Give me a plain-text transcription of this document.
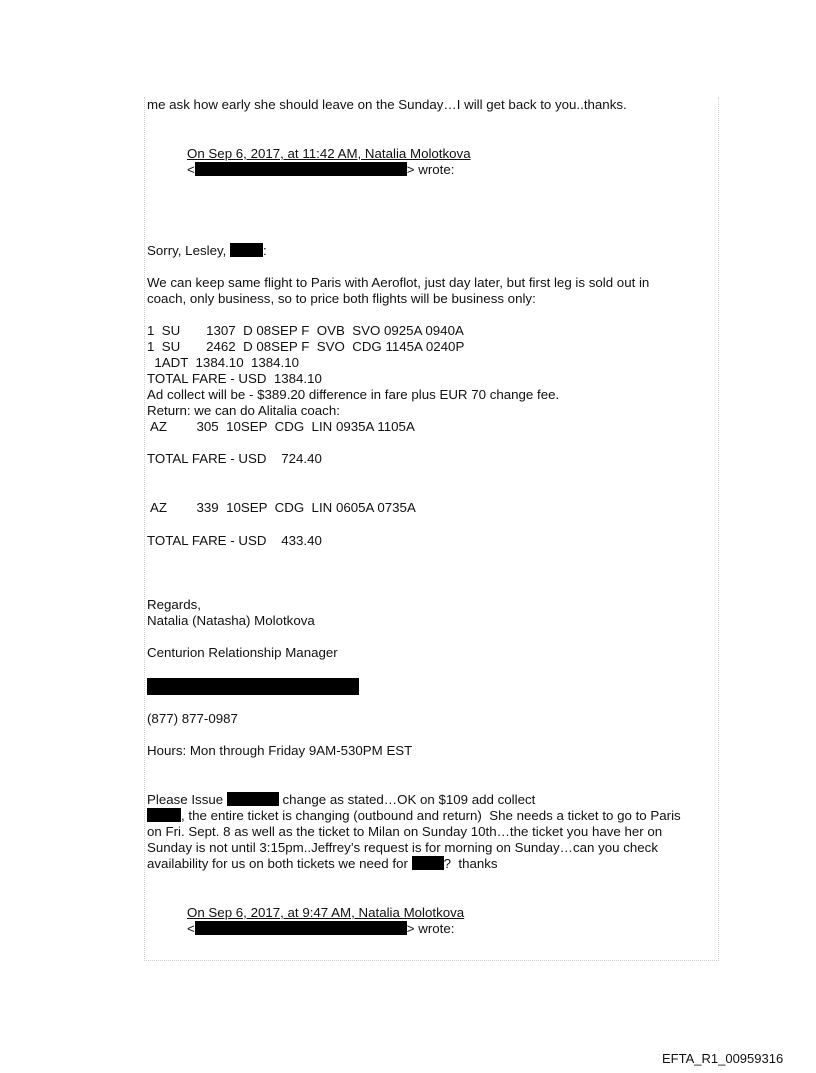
me ask how early she should leave on the Sunday…I will get back to you..thanks.
On Sep 6, 2017, at 11:42 AM, Natalia Molotkova
<	> wrote:
Sorry, Lesley, :
We can keep same flight to Paris with Aeroflot, just day later, but first leg is sold out in
coach, only business, so to price both flights will be business only:
1  SU       1307  D 08SEP F  OVB  SVO 0925A 0940A
1  SU       2462  D 08SEP F  SVO  CDG 1145A 0240P
1ADT  1384.10  1384.10
TOTAL FARE - USD  1384.10
Ad collect will be - $389.20 difference in fare plus EUR 70 change fee.
Return: we can do Alitalia coach:
AZ        305  10SEP  CDG  LIN 0935A 1105A
TOTAL FARE - USD    724.40
AZ        339  10SEP  CDG  LIN 0605A 0735A
TOTAL FARE - USD    433.40
Regards,
Natalia (Natasha) Molotkova
Centurion Relationship Manager
(877) 877-0987
Hours: Mon through Friday 9AM-530PM EST
Please Issue	change as stated…OK on $109 add collect
, the entire ticket is changing (outbound and return)  She needs a ticket to go to Paris
on Fri. Sept. 8 as well as the ticket to Milan on Sunday 10th…the ticket you have her on
Sunday is not until 3:15pm..Jeffrey’s request is for morning on Sunday…can you check
availability for us on both tickets we need for ?  thanks
On Sep 6, 2017, at 9:47 AM, Natalia Molotkova
<	> wrote:
EFTA_R1_00959316
